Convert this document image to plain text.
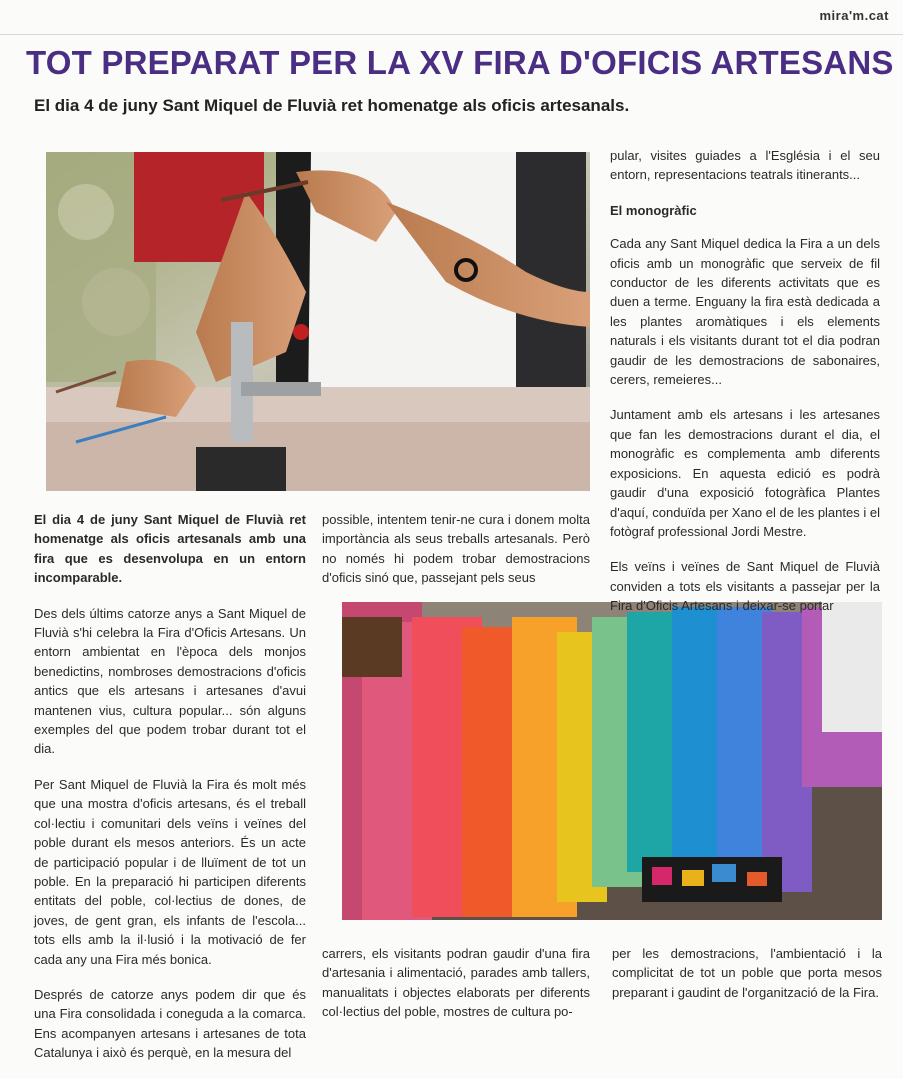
mira'm.cat
TOT PREPARAT PER LA XV FIRA D'OFICIS ARTESANS
El dia 4 de juny Sant Miquel de Fluvià ret homenatge als oficis artesanals.

El dia 4 de juny Sant Miquel de Fluvià ret homenatge als oficis artesanals amb una fira que es desenvolupa en un entorn incomparable.

Des dels últims catorze anys a Sant Miquel de Fluvià s'hi celebra la Fira d'Oficis Artesans. Un entorn ambientat en l'època dels monjos benedictins, nombroses demostracions d'oficis antics que els artesans i artesanes d'avui mantenen vius, cultura popular... són alguns exemples del que podem trobar durant tot el dia.

Per Sant Miquel de Fluvià la Fira és molt més que una mostra d'oficis artesans, és el treball col·lectiu i comunitari dels veïns i veïnes del poble durant els mesos anteriors. És un acte de participació popular i de lluïment de tot un poble. En la preparació hi participen diferents entitats del poble, col·lectius de dones, de joves, de gent gran, els infants de l'escola... tots ells amb la il·lusió i la motivació de fer cada any una Fira més bonica.

Després de catorze anys podem dir que és una Fira consolidada i coneguda a la comarca. Ens acompanyen artesans i artesanes de tota Catalunya i això és perquè, en la mesura del

possible, intentem tenir-ne cura i donem molta importància als seus treballs artesanals. Però no només hi podem trobar demostracions d'oficis sinó que, passejant pels seus

carrers, els visitants podran gaudir d'una fira d'artesania i alimentació, parades amb tallers, manualitats i objectes elaborats per diferents col·lectius del poble, mostres de cultura po-

pular, visites guiades a l'Església i el seu entorn, representacions teatrals itinerants...

El monogràfic

Cada any Sant Miquel dedica la Fira a un dels oficis amb un monogràfic que serveix de fil conductor de les diferents activitats que es duen a terme. Enguany la fira està dedicada a les plantes aromàtiques i els elements naturals i els visitants durant tot el dia podran gaudir de les demostracions de sabonaires, cerers, remeieres...

Juntament amb els artesans i les artesanes que fan les demostracions durant el dia, el monogràfic es complementa amb diferents exposicions. En aquesta edició es podrà gaudir d'una exposició fotogràfica Plantes d'aquí, conduïda per Xano el de les plantes i el fotògraf professional Jordi Mestre.

Els veïns i veïnes de Sant Miquel de Fluvià conviden a tots els visitants a passejar per la Fira d'Oficis Artesans i deixar-se portar

per les demostracions, l'ambientació i la complicitat de tot un poble que porta mesos preparant i gaudint de l'organització de la Fira.
